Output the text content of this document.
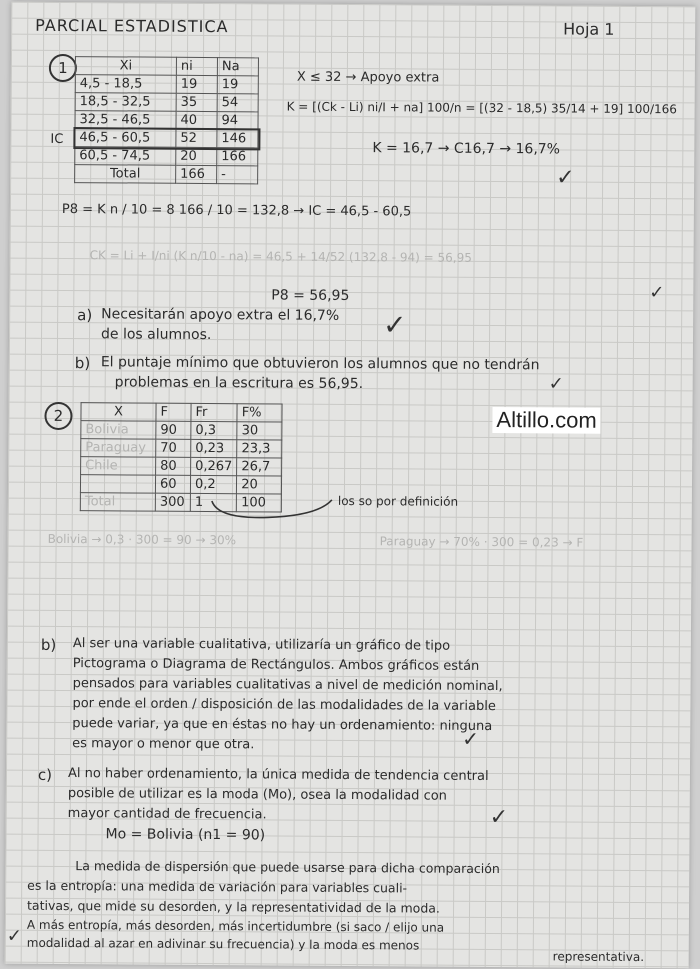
PARCIAL ESTADISTICA	Hoja 1
1	Xi	ni	Na
4,5 - 18,5	19	19
18,5 - 32,5	35	54
32,5 - 46,5	40	94
46,5 - 60,5	52	146
60,5 - 74,5	20	166
Total	166	-
IC
X ≤ 32 → Apoyo extra
K = [(Ck - Li) ni/I + na] 100/n = [(32 - 18,5) 35/14 + 19] 100/166
K = 16,7 → C16,7 → 16,7%
✓
P8 = K n / 10 = 8 166 / 10 = 132,8 → IC = 46,5 - 60,5
CK = Li + I/ni (K n/10 - na) = 46,5 + 14/52 (132,8 - 94) = 56,95
P8 = 56,95	✓
a) Necesitarán apoyo extra el 16,7%
de los alumnos.	✓
b) El puntaje mínimo que obtuvieron los alumnos que no tendrán
problemas en la escritura es 56,95.	✓
2	X	F	Fr	F%
Bolivia	90	0,3	30
Paraguay	70	0,23	23,3
Chile	80	0,267	26,7
	60	0,2	20
Total	300	1	100	los so por definición
Altillo.com
Bolivia → 0,3 · 300 = 90 → 30%	Paraguay → 70% · 300 = 0,23 → F
b) Al ser una variable cualitativa, utilizaría un gráfico de tipo
Pictograma o Diagrama de Rectángulos. Ambos gráficos están
pensados para variables cualitativas a nivel de medición nominal,
por ende el orden / disposición de las modalidades de la variable
puede variar, ya que en éstas no hay un ordenamiento: ninguna
es mayor o menor que otra.	✓
c) Al no haber ordenamiento, la única medida de tendencia central
posible de utilizar es la moda (Mo), osea la modalidad con
mayor cantidad de frecuencia.
Mo = Bolivia (n1 = 90)
✓
La medida de dispersión que puede usarse para dicha comparación
es la entropía: una medida de variación para variables cuali-
tativas, que mide su desorden, y la representatividad de la moda.
A más entropía, más desorden, más incertidumbre (si saco / elijo una
modalidad al azar en adivinar su frecuencia) y la moda es menos
representativa.
✓
